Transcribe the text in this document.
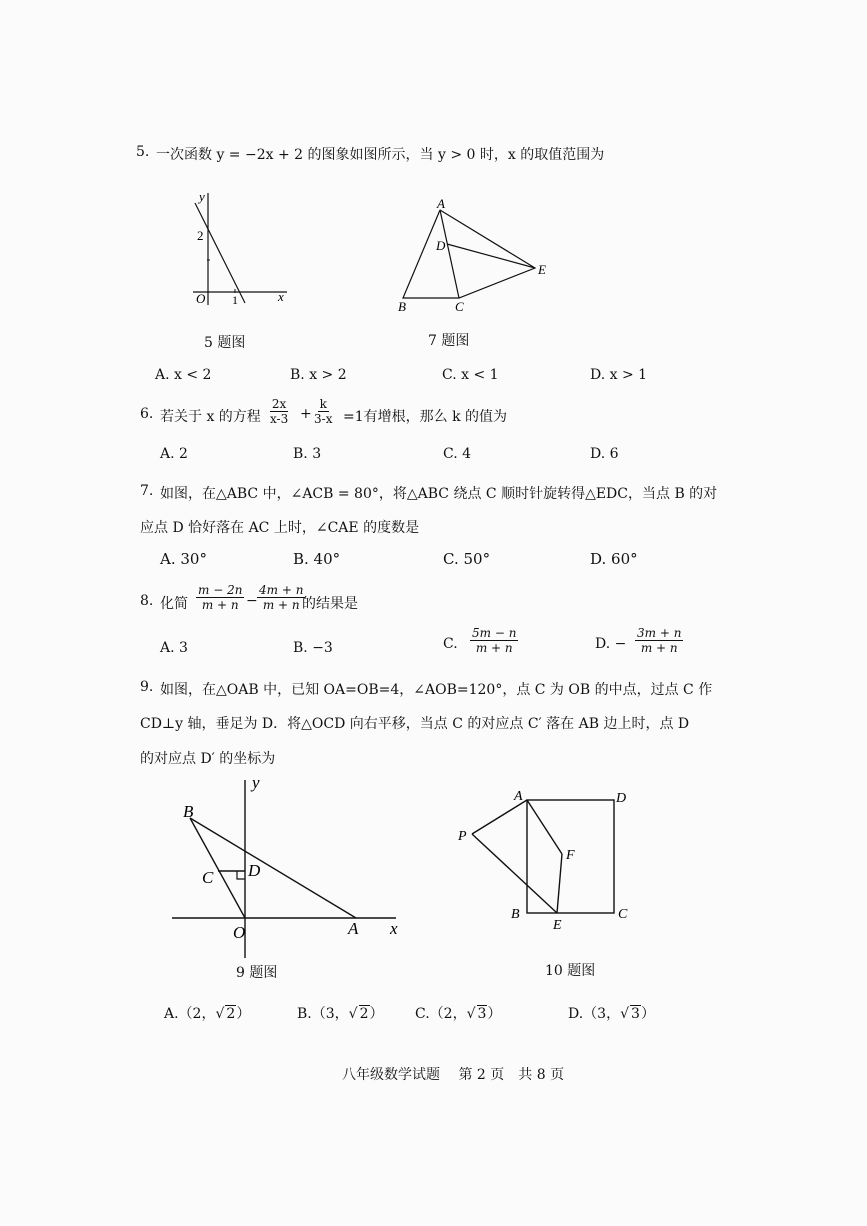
5. 一次函数 y = −2x + 2 的图象如图所示，当 y > 0 时，x 的取值范围为
y
2
O 1	x
5 题图
A
D
E
B	C
7 题图
A. x < 2	B. x > 2	C. x < 1	D. x > 1
6. 若关于 x 的方程 $\frac{2x}{x-3} + \frac{k}{3-x} =1$有增根，那么 k 的值为
A. 2	B. 3	C. 4	D. 6
7. 如图，在△ABC 中，∠ACB = 80°，将△ABC 绕点 C 顺时针旋转得△EDC，当点 B 的对
应点 D 恰好落在 AC 上时，∠CAE 的度数是
A. 30°	B. 40°	C. 50°	D. 60°
8. 化简 $\frac{m - 2n}{m + n} - \frac{4m + n}{m + n}$
的结果是
A. 3	B. −3	C. $\frac{5m - n}{m + n}$	D. − $\frac{3m + n}{m + n}$
9. 如图，在△OAB 中，已知 OA=OB=4，∠AOB=120°，点 C 为 OB 的中点，过点 C 作
CD⊥y 轴，垂足为 D．将△OCD 向右平移，当点 C 的对应点 C′ 落在 AB 边上时，点 D
的对应点 D′ 的坐标为
y
B
C D
O	A x
9 题图
A	D
P
F
B
E
C
10 题图
A.（2，√ 2）	B.（3，√ 2） C.（2，√ 3）	D.（3，√ 3）
八年级数学试题　 第 2 页　共 8 页
